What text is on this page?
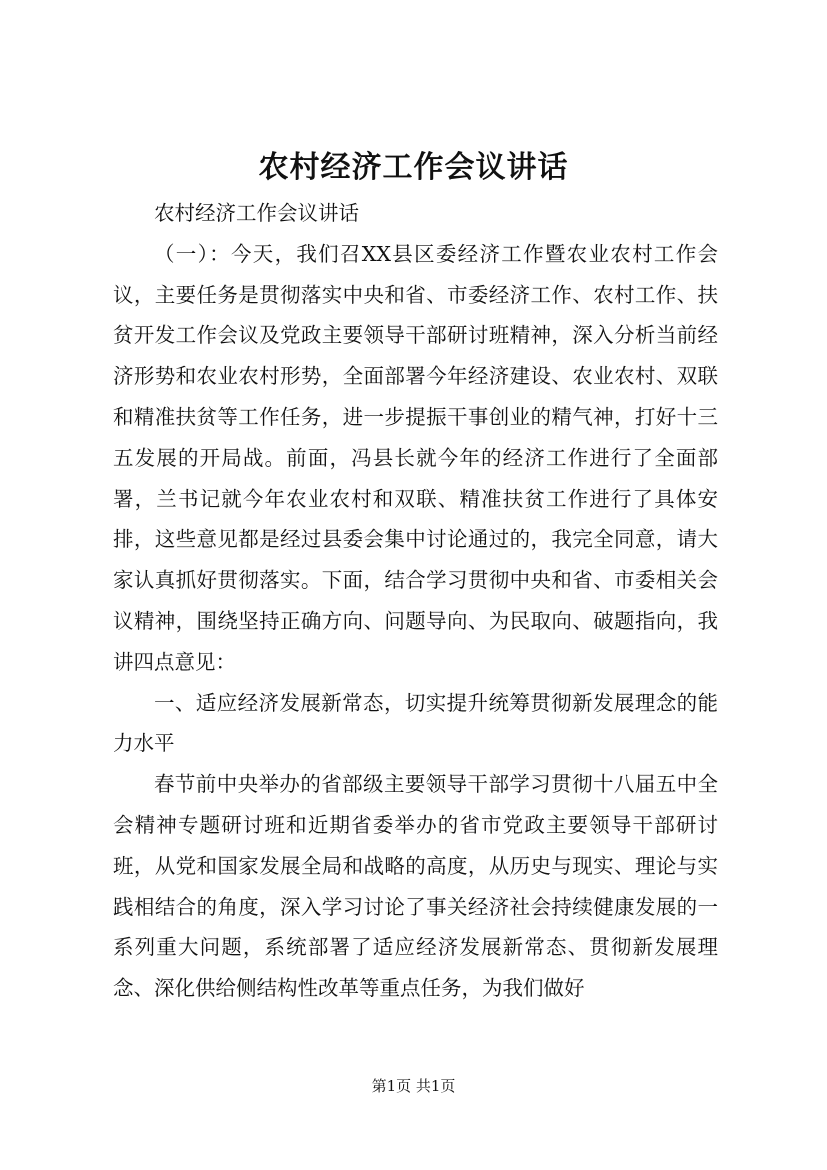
农村经济工作会议讲话

农村经济工作会议讲话

（一）：今天，我们召XX县区委经济工作暨农业农村工作会议，主要任务是贯彻落实中央和省、市委经济工作、农村工作、扶贫开发工作会议及党政主要领导干部研讨班精神，深入分析当前经济形势和农业农村形势，全面部署今年经济建设、农业农村、双联和精准扶贫等工作任务，进一步提振干事创业的精气神，打好十三五发展的开局战。前面，冯县长就今年的经济工作进行了全面部署，兰书记就今年农业农村和双联、精准扶贫工作进行了具体安排，这些意见都是经过县委会集中讨论通过的，我完全同意，请大家认真抓好贯彻落实。下面，结合学习贯彻中央和省、市委相关会议精神，围绕坚持正确方向、问题导向、为民取向、破题指向，我讲四点意见：

一、适应经济发展新常态，切实提升统筹贯彻新发展理念的能力水平

春节前中央举办的省部级主要领导干部学习贯彻十八届五中全会精神专题研讨班和近期省委举办的省市党政主要领导干部研讨班，从党和国家发展全局和战略的高度，从历史与现实、理论与实践相结合的角度，深入学习讨论了事关经济社会持续健康发展的一系列重大问题，系统部署了适应经济发展新常态、贯彻新发展理念、深化供给侧结构性改革等重点任务，为我们做好

第1页 共1页
